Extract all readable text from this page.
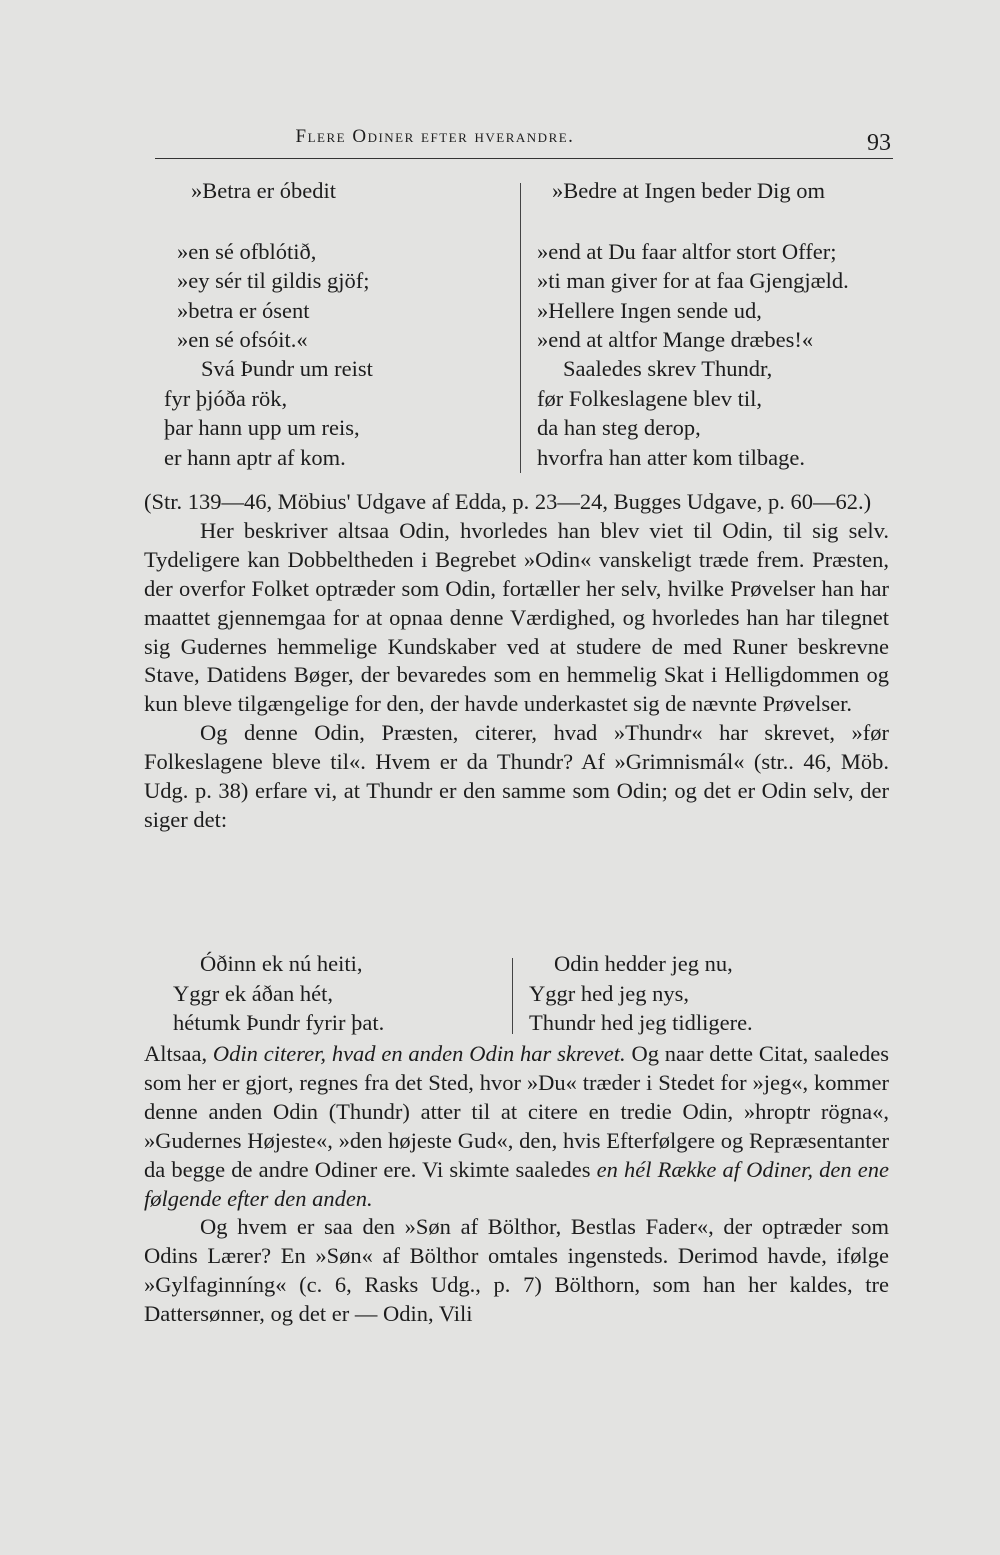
Flere Odiner efter hverandre.	93
»Betra er óbedit
»en sé ofblótið,
»ey sér til gildis gjöf;
»betra er ósent
»en sé ofsóit.«
Svá Þundr um reist
fyr þjóða rök,
þar hann upp um reis,
er hann aptr af kom.
»Bedre at Ingen beder Dig om
»end at Du faar altfor stort Offer;
»ti man giver for at faa Gjengjæld.
»Hellere Ingen sende ud,
»end at altfor Mange dræbes!«
Saaledes skrev Thundr,
før Folkeslagene blev til,
da han steg derop,
hvorfra han atter kom tilbage.

(Str. 139—46, Möbius' Udgave af Edda, p. 23—24, Bugges Udgave, p. 60—62.)

Her beskriver altsaa Odin, hvorledes han blev viet til Odin, til sig selv. Tydeligere kan Dobbeltheden i Begrebet »Odin« vanskeligt træde frem. Præsten, der overfor Folket optræder som Odin, fortæller her selv, hvilke Prøvelser han har maattet gjennemgaa for at opnaa denne Værdighed, og hvorledes han har tilegnet sig Gudernes hemmelige Kundskaber ved at studere de med Runer beskrevne Stave, Datidens Bøger, der bevaredes som en hemmelig Skat i Helligdommen og kun bleve tilgængelige for den, der havde underkastet sig de nævnte Prøvelser.

Og denne Odin, Præsten, citerer, hvad »Thundr« har skrevet, »før Folkeslagene bleve til«. Hvem er da Thundr? Af »Grimnismál« (str.. 46, Möb. Udg. p. 38) erfare vi, at Thundr er den samme som Odin; og det er Odin selv, der siger det:

Óðinn ek nú heiti,
Yggr ek áðan hét,
hétumk Þundr fyrir þat.
Odin hedder jeg nu,
Yggr hed jeg nys,
Thundr hed jeg tidligere.

Altsaa, Odin citerer, hvad en anden Odin har skrevet. Og naar dette Citat, saaledes som her er gjort, regnes fra det Sted, hvor »Du« træder i Stedet for »jeg«, kommer denne anden Odin (Thundr) atter til at citere en tredie Odin, »hroptr rögna«, »Gudernes Højeste«, »den højeste Gud«, den, hvis Efterfølgere og Repræsentanter da begge de andre Odiner ere. Vi skimte saaledes en hél Række af Odiner, den ene følgende efter den anden.

Og hvem er saa den »Søn af Bölthor, Bestlas Fader«, der optræder som Odins Lærer? En »Søn« af Bölthor omtales ingensteds. Derimod havde, ifølge »Gylfaginníng« (c. 6, Rasks Udg., p. 7) Bölthorn, som han her kaldes, tre Dattersønner, og det er — Odin, Vili
